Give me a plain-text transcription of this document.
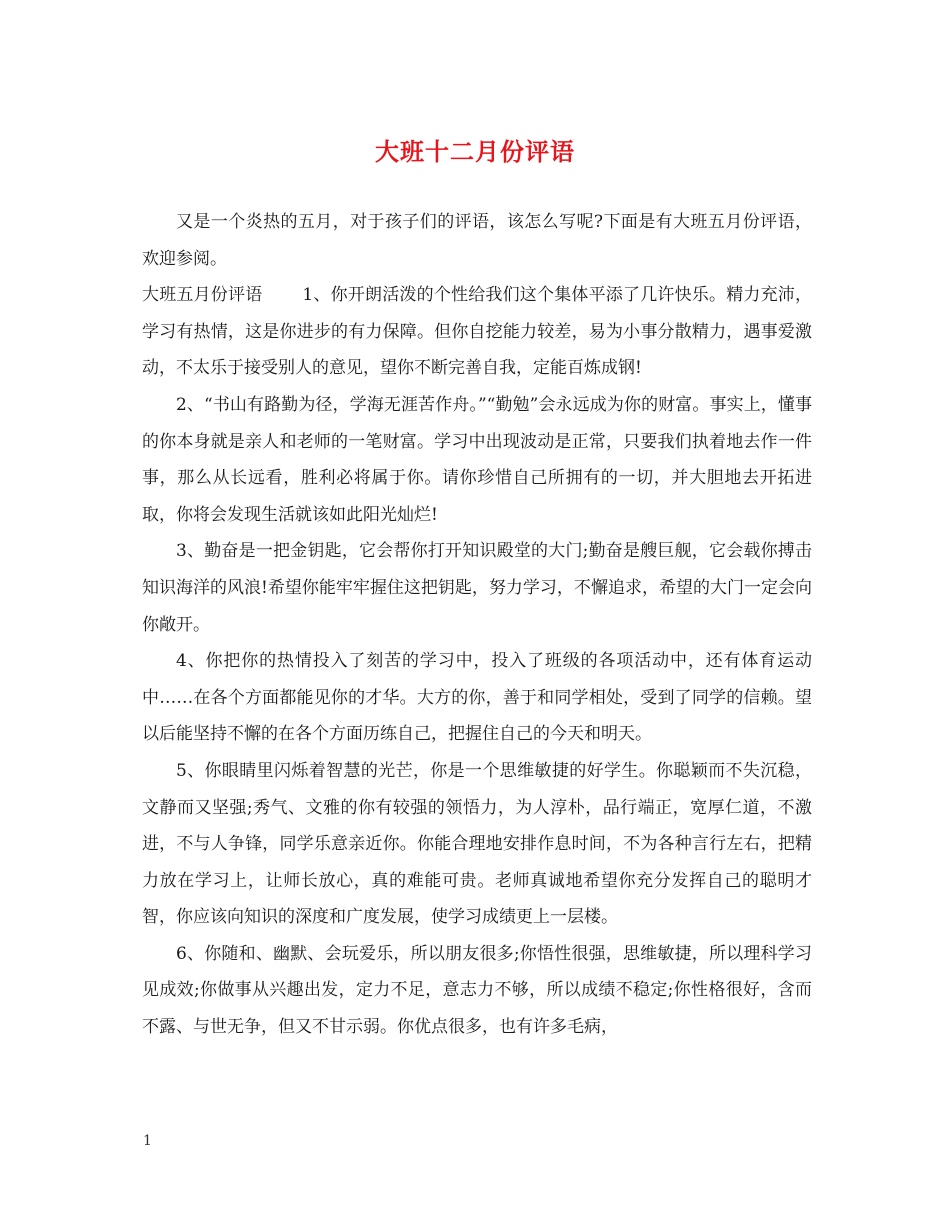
大班十二月份评语

又是一个炎热的五月，对于孩子们的评语，该怎么写呢?下面是有大班五月份评语，欢迎参阅。

大班五月份评语 1、你开朗活泼的个性给我们这个集体平添了几许快乐。精力充沛，学习有热情，这是你进步的有力保障。但你自挖能力较差，易为小事分散精力，遇事爱激动，不太乐于接受别人的意见，望你不断完善自我，定能百炼成钢!

2、“书山有路勤为径，学海无涯苦作舟。”“勤勉”会永远成为你的财富。事实上，懂事的你本身就是亲人和老师的一笔财富。学习中出现波动是正常，只要我们执着地去作一件事，那么从长远看，胜利必将属于你。请你珍惜自己所拥有的一切，并大胆地去开拓进取，你将会发现生活就该如此阳光灿烂!

3、勤奋是一把金钥匙，它会帮你打开知识殿堂的大门;勤奋是艘巨舰，它会载你搏击知识海洋的风浪!希望你能牢牢握住这把钥匙，努力学习，不懈追求，希望的大门一定会向你敞开。

4、你把你的热情投入了刻苦的学习中，投入了班级的各项活动中，还有体育运动中……在各个方面都能见你的才华。大方的你，善于和同学相处，受到了同学的信赖。望以后能坚持不懈的在各个方面历练自己，把握住自己的今天和明天。

5、你眼睛里闪烁着智慧的光芒，你是一个思维敏捷的好学生。你聪颖而不失沉稳，文静而又坚强;秀气、文雅的你有较强的领悟力，为人淳朴，品行端正，宽厚仁道，不激进，不与人争锋，同学乐意亲近你。你能合理地安排作息时间，不为各种言行左右，把精力放在学习上，让师长放心，真的难能可贵。老师真诚地希望你充分发挥自己的聪明才智，你应该向知识的深度和广度发展，使学习成绩更上一层楼。

6、你随和、幽默、会玩爱乐，所以朋友很多;你悟性很强，思维敏捷，所以理科学习见成效;你做事从兴趣出发，定力不足，意志力不够，所以成绩不稳定;你性格很好，含而不露、与世无争，但又不甘示弱。你优点很多，也有许多毛病，

1
